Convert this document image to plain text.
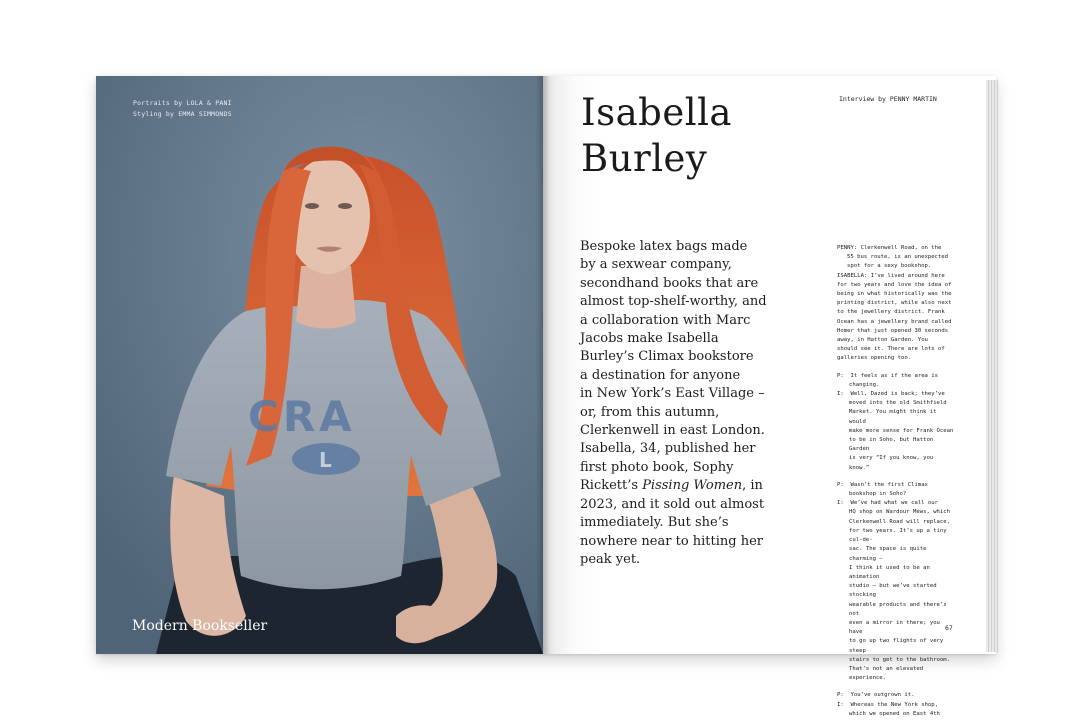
CRA
L
Portraits by LOLA & PANI
Styling by EMMA SIMMONDS
Modern Bookseller
Isabella
Burley
Interview by PENNY MARTIN

Bespoke latex bags made

by a sexwear company,

secondhand books that are

almost top-shelf-worthy, and

a collaboration with Marc

Jacobs make Isabella

Burley’s Climax bookstore

a destination for anyone

in New York’s East Village –

or, from this autumn,

Clerkenwell in east London.

Isabella, 34, published her

first photo book, Sophy

Rickett’s Pissing Women, in

2023, and it sold out almost

immediately. But she’s

nowhere near to hitting her

peak yet.

PENNY: Clerkenwell Road, on the
55 bus route, is an unexpected
spot for a sexy bookshop.
ISABELLA: I’ve lived around here
for two years and love the idea of
being in what historically was the
printing district, while also next
to the jewellery district. Frank
Ocean has a jewellery brand called
Homer that just opened 30 seconds
away, in Hatton Garden. You
should see it. There are lots of
galleries opening too.
P:  It feels as if the area is
changing.
I:  Well, Dazed is back; they’ve
moved into the old Smithfield
Market. You might think it would
make more sense for Frank Ocean
to be in Soho, but Hatton Garden
is very “If you know, you know.”
P:  Wasn’t the first Climax
bookshop in Soho?
I:  We’ve had what we call our
HQ shop on Wardour Mews, which
Clerkenwell Road will replace,
for two years. It’s up a tiny cul-de-
sac. The space is quite charming –
I think it used to be an animation
studio – but we’ve started stocking
wearable products and there’s not
even a mirror in there; you have
to go up two flights of very steep
stairs to get to the bathroom.
That’s not an elevated experience.
P:  You’ve outgrown it.
I:  Whereas the New York shop,
which we opened on East 4th
67
